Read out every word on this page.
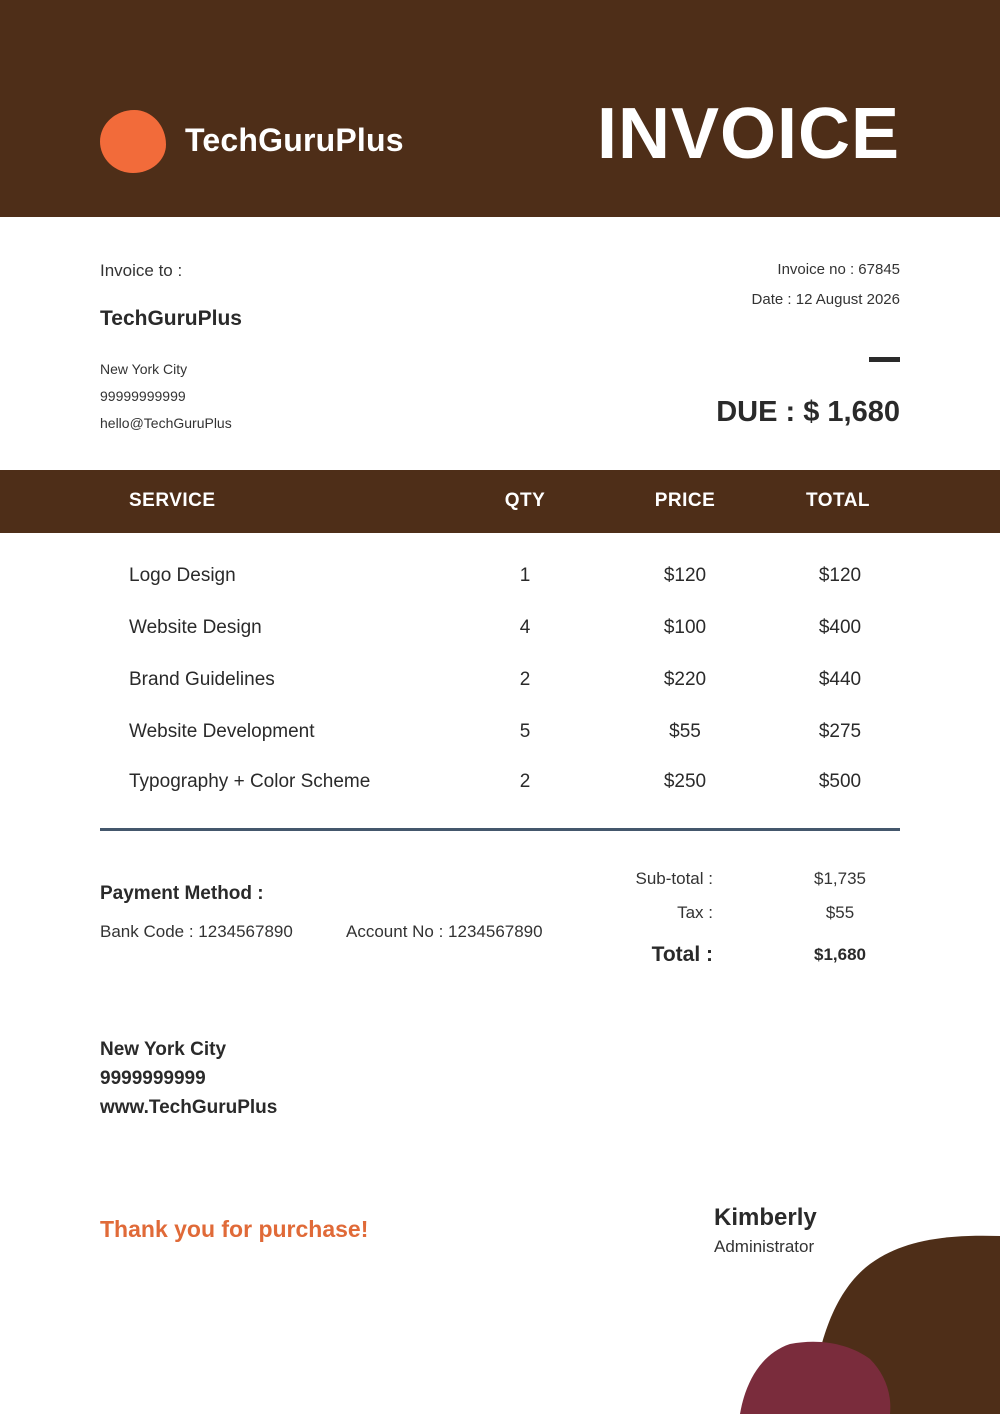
TechGuruPlus	INVOICE
Invoice to :
TechGuruPlus
New York City
99999999999
hello@TechGuruPlus
Invoice no : 67845
Date : 12 August 2026
DUE : $ 1,680
SERVICE	QTY	PRICE	TOTAL
Logo Design	1	$120	$120
Website Design	4	$100	$400
Brand Guidelines	2	$220	$440
Website Development	5	$55	$275
Typography + Color Scheme	2	$250	$500
Payment Method :
Bank Code : 1234567890	Account No : 1234567890
Sub-total :	$1,735
Tax :	$55
Total :	$1,680
New York City
9999999999
www.TechGuruPlus
Thank you for purchase!	Kimberly
Administrator
